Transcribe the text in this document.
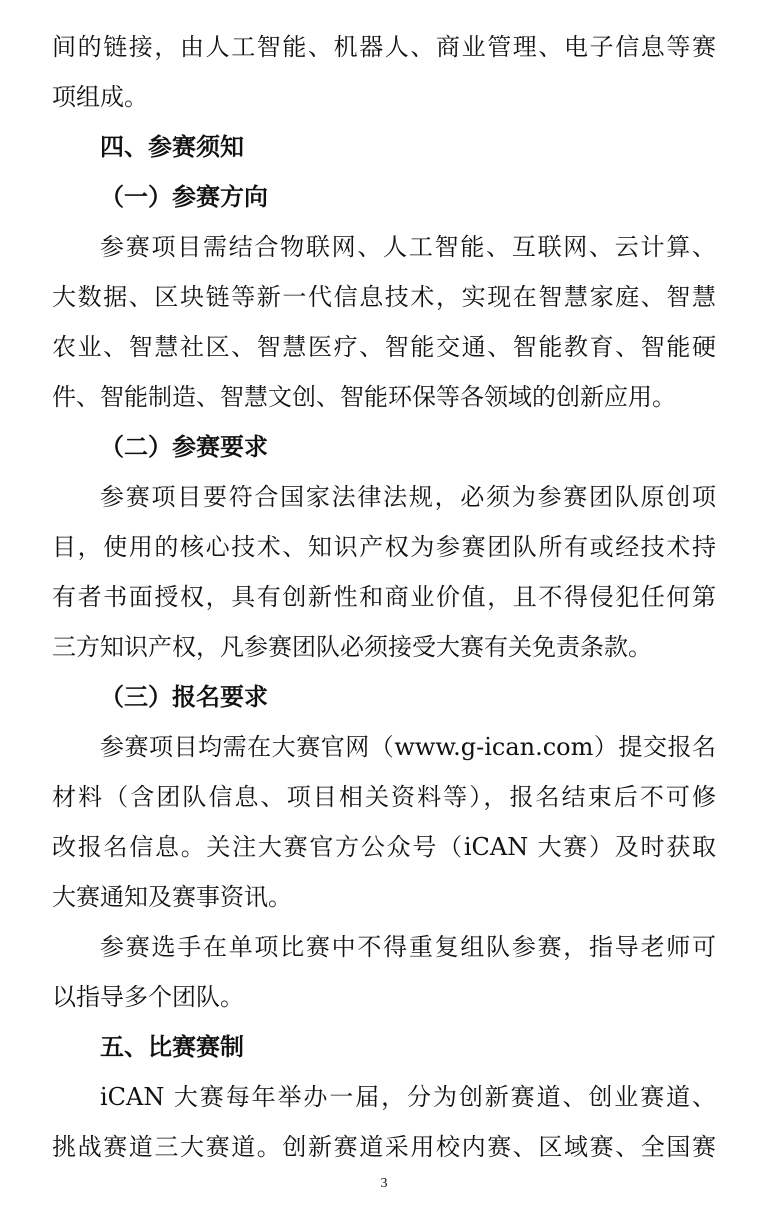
间的链接，由人工智能、机器人、商业管理、电子信息等赛
项组成。
四、参赛须知
（一）参赛方向
参赛项目需结合物联网、人工智能、互联网、云计算、
大数据、区块链等新一代信息技术，实现在智慧家庭、智慧
农业、智慧社区、智慧医疗、智能交通、智能教育、智能硬
件、智能制造、智慧文创、智能环保等各领域的创新应用。
（二）参赛要求
参赛项目要符合国家法律法规，必须为参赛团队原创项
目，使用的核心技术、知识产权为参赛团队所有或经技术持
有者书面授权，具有创新性和商业价值，且不得侵犯任何第
三方知识产权，凡参赛团队必须接受大赛有关免责条款。
（三）报名要求
参赛项目均需在大赛官网（www.g-ican.com）提交报名
材料（含团队信息、项目相关资料等），报名结束后不可修
改报名信息。关注大赛官方公众号（iCAN 大赛）及时获取
大赛通知及赛事资讯。
参赛选手在单项比赛中不得重复组队参赛，指导老师可
以指导多个团队。
五、比赛赛制
iCAN 大赛每年举办一届，分为创新赛道、创业赛道、
挑战赛道三大赛道。创新赛道采用校内赛、区域赛、全国赛
3
